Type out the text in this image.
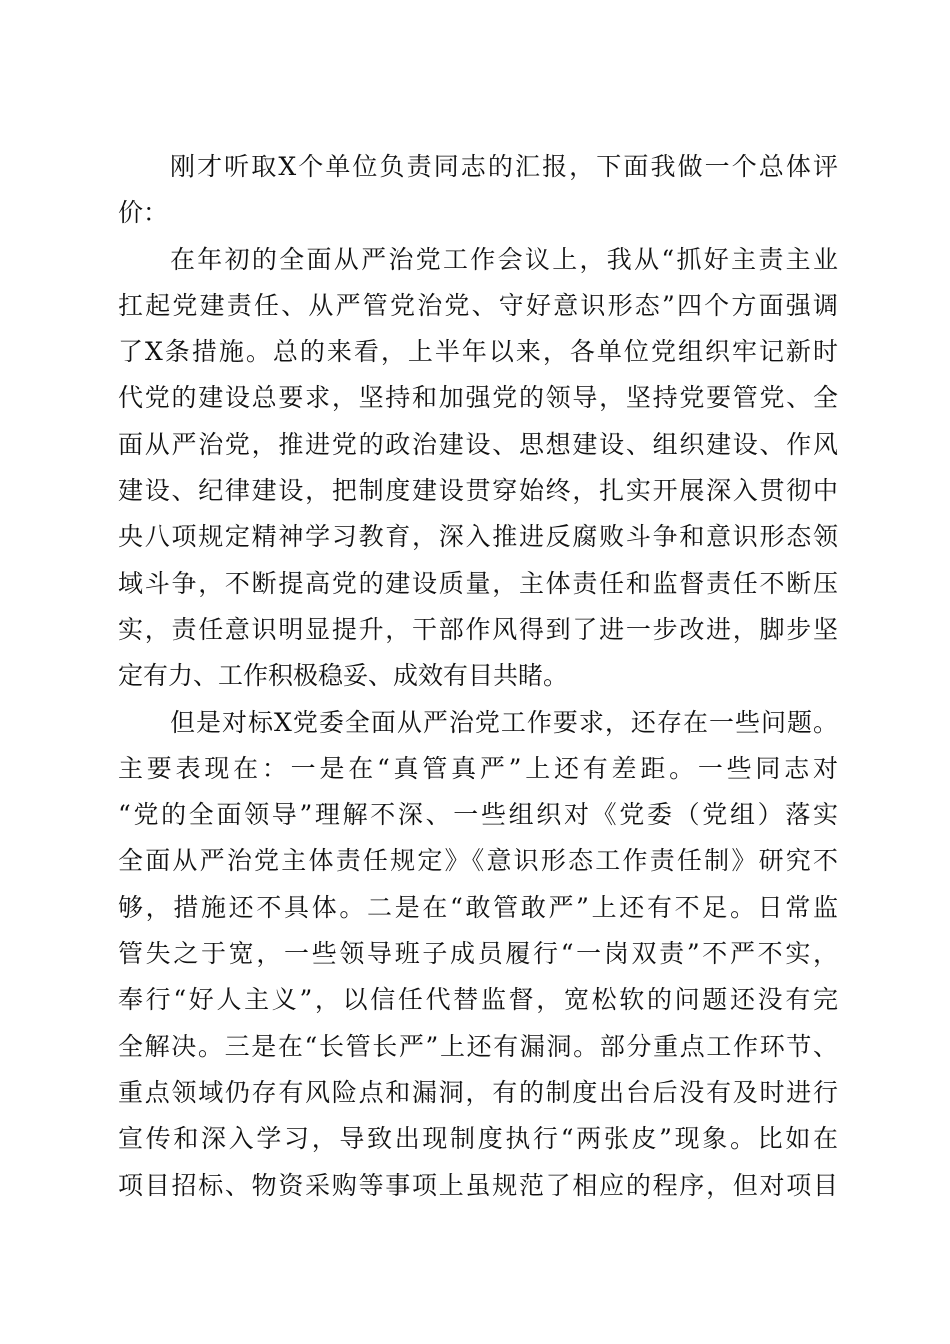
刚才听取X个单位负责同志的汇报，下面我做一个总体评
价：
在年初的全面从严治党工作会议上，我从“抓好主责主业
扛起党建责任、从严管党治党、守好意识形态”四个方面强调
了X条措施。总的来看，上半年以来，各单位党组织牢记新时
代党的建设总要求，坚持和加强党的领导，坚持党要管党、全
面从严治党，推进党的政治建设、思想建设、组织建设、作风
建设、纪律建设，把制度建设贯穿始终，扎实开展深入贯彻中
央八项规定精神学习教育，深入推进反腐败斗争和意识形态领
域斗争，不断提高党的建设质量，主体责任和监督责任不断压
实，责任意识明显提升，干部作风得到了进一步改进，脚步坚
定有力、工作积极稳妥、成效有目共睹。
但是对标X党委全面从严治党工作要求，还存在一些问题。
主要表现在：一是在“真管真严”上还有差距。一些同志对
“党的全面领导”理解不深、一些组织对《党委（党组）落实
全面从严治党主体责任规定》《意识形态工作责任制》研究不
够，措施还不具体。二是在“敢管敢严”上还有不足。日常监
管失之于宽，一些领导班子成员履行“一岗双责”不严不实，
奉行“好人主义”，以信任代替监督，宽松软的问题还没有完
全解决。三是在“长管长严”上还有漏洞。部分重点工作环节、
重点领域仍存有风险点和漏洞，有的制度出台后没有及时进行
宣传和深入学习，导致出现制度执行“两张皮”现象。比如在
项目招标、物资采购等事项上虽规范了相应的程序，但对项目
